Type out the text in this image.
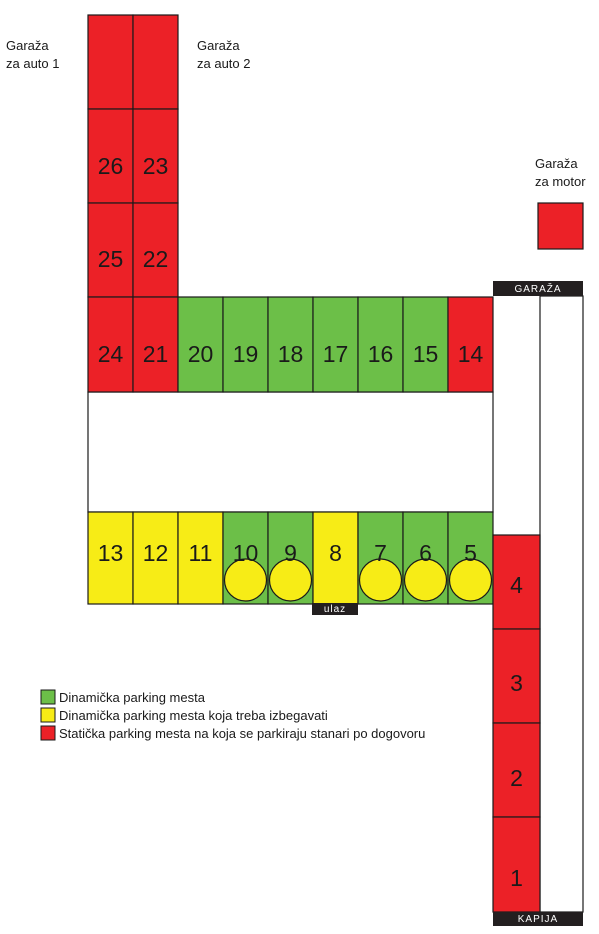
26 23
25 22
24 21 20 19 18 17 16 15 14
13 12 11 10 9 8 7 6 5
4
3
2
1
GARAŽA
ulaz
KAPIJA
Garaža za auto 1
Garaža za auto 2
Garaža za motor
Dinamička parking mesta
Dinamička parking mesta koja treba izbegavati
Statička parking mesta na koja se parkiraju stanari po dogovoru
